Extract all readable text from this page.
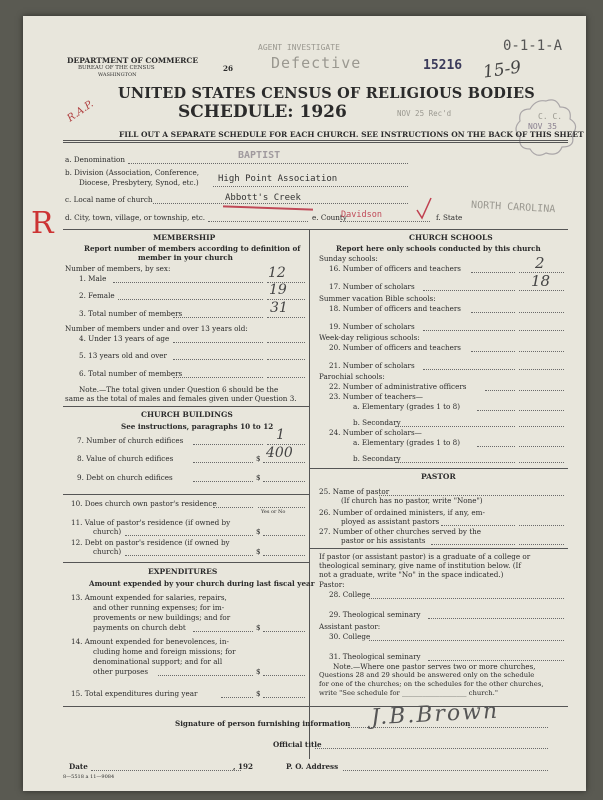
DEPARTMENT OF COMMERCE
BUREAU OF THE CENSUS
WASHINGTON
26
AGENT INVESTIGATE
Defective	15216
0-1-1-A
15-9
R.A.P.
UNITED STATES CENSUS OF RELIGIOUS BODIES
SCHEDULE: 1926	NOV 25 Rec'd	C. C.
NOV 35
FILL OUT A SEPARATE SCHEDULE FOR EACH CHURCH. SEE INSTRUCTIONS ON THE BACK OF THIS SHEET
a. Denomination	BAPTIST
b. Division (Association, Conference,
Diocese, Presbytery, Synod, etc.) High Point Association
c. Local name of church	Abbott's Creek
R d. City, town, village, or township, etc.	e. County
Davidson	f. State
NORTH CAROLINA
MEMBERSHIP
Report number of members according to definition of
member in your church
Number of members, by sex:
1. Male	12
2. Female	19
3. Total number of members	31
Number of members under and over 13 years old:
4. Under 13 years of age
5. 13 years old and over
6. Total number of members
Note.—The total given under Question 6 should be the
same as the total of males and females given under Question 3.
CHURCH BUILDINGS
See instructions, paragraphs 10 to 12
7. Number of church edifices	1
8. Value of church edifices	$ 400
9. Debt on church edifices	$
10. Does church own pastor's residence
Yes or No
11. Value of pastor's residence (if owned by
church)	$
12. Debt on pastor's residence (if owned by
church)	$
EXPENDITURES
Amount expended by your church during last fiscal year
13. Amount expended for salaries, repairs,
and other running expenses; for im-
provements or new buildings; and for
payments on church debt	$
14. Amount expended for benevolences, in-
cluding home and foreign missions; for
denominational support; and for all
other purposes	$
15. Total expenditures during year	$
CHURCH SCHOOLS
Report here only schools conducted by this church
Sunday schools:
16. Number of officers and teachers	2
17. Number of scholars	18
Summer vacation Bible schools:
18. Number of officers and teachers
19. Number of scholars
Week-day religious schools:
20. Number of officers and teachers
21. Number of scholars
Parochial schools:
22. Number of administrative officers
23. Number of teachers—
a. Elementary (grades 1 to 8)
b. Secondary
24. Number of scholars—
a. Elementary (grades 1 to 8)
b. Secondary
PASTOR
25. Name of pastor
(If church has no pastor, write "None")
26. Number of ordained ministers, if any, em-
ployed as assistant pastors
27. Number of other churches served by the
pastor or his assistants
If pastor (or assistant pastor) is a graduate of a college or
theological seminary, give name of institution below. (If
not a graduate, write "No" in the space indicated.)
Pastor:
28. College
29. Theological seminary
Assistant pastor:
30. College
31. Theological seminary
Note.—Where one pastor serves two or more churches,
Questions 28 and 29 should be answered only on the schedule
for one of the churches; on the schedules for the other churches,
write "See schedule for ___________________ church."
Signature of person furnishing information J.B.Brown
Official title
Date	, 192	P. O. Address
8—5518 a 11—9084
